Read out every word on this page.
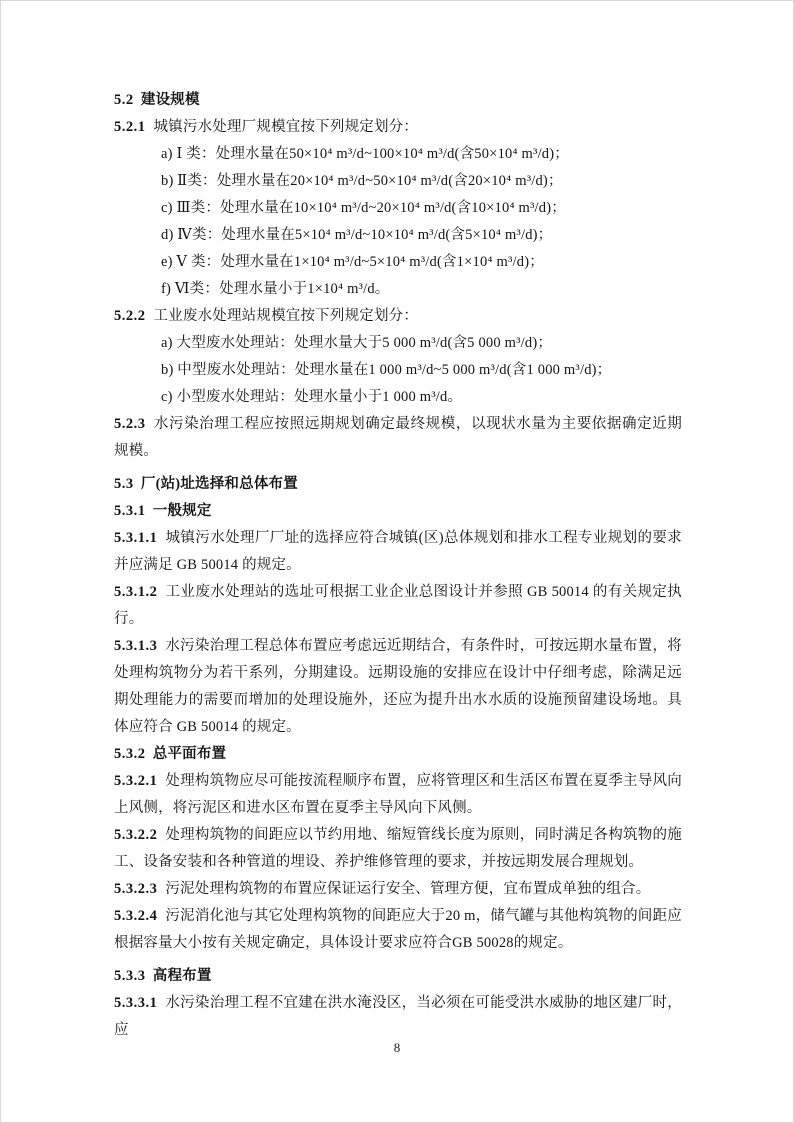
5.2 建设规模

5.2.1 城镇污水处理厂规模宜按下列规定划分：

a) Ⅰ 类：处理水量在50×10⁴ m³/d~100×10⁴ m³/d(含50×10⁴ m³/d)；

b) Ⅱ类：处理水量在20×10⁴ m³/d~50×10⁴ m³/d(含20×10⁴ m³/d)；

c) Ⅲ类：处理水量在10×10⁴ m³/d~20×10⁴ m³/d(含10×10⁴ m³/d)；

d) Ⅳ类：处理水量在5×10⁴ m³/d~10×10⁴ m³/d(含5×10⁴ m³/d)；

e) Ⅴ 类：处理水量在1×10⁴ m³/d~5×10⁴ m³/d(含1×10⁴ m³/d)；

f) Ⅵ类：处理水量小于1×10⁴ m³/d。

5.2.2 工业废水处理站规模宜按下列规定划分：

a) 大型废水处理站：处理水量大于5 000 m³/d(含5 000 m³/d)；

b) 中型废水处理站：处理水量在1 000 m³/d~5 000 m³/d(含1 000 m³/d)；

c) 小型废水处理站：处理水量小于1 000 m³/d。

5.2.3 水污染治理工程应按照远期规划确定最终规模，以现状水量为主要依据确定近期规模。

5.3 厂(站)址选择和总体布置

5.3.1 一般规定

5.3.1.1 城镇污水处理厂厂址的选择应符合城镇(区)总体规划和排水工程专业规划的要求并应满足 GB 50014 的规定。

5.3.1.2 工业废水处理站的选址可根据工业企业总图设计并参照 GB 50014 的有关规定执行。

5.3.1.3 水污染治理工程总体布置应考虑远近期结合，有条件时，可按远期水量布置，将处理构筑物分为若干系列，分期建设。远期设施的安排应在设计中仔细考虑，除满足远期处理能力的需要而增加的处理设施外，还应为提升出水水质的设施预留建设场地。具体应符合 GB 50014 的规定。

5.3.2 总平面布置

5.3.2.1 处理构筑物应尽可能按流程顺序布置，应将管理区和生活区布置在夏季主导风向上风侧，将污泥区和进水区布置在夏季主导风向下风侧。

5.3.2.2 处理构筑物的间距应以节约用地、缩短管线长度为原则，同时满足各构筑物的施工、设备安装和各种管道的埋设、养护维修管理的要求，并按远期发展合理规划。

5.3.2.3 污泥处理构筑物的布置应保证运行安全、管理方便，宜布置成单独的组合。

5.3.2.4 污泥消化池与其它处理构筑物的间距应大于20 m，储气罐与其他构筑物的间距应根据容量大小按有关规定确定，具体设计要求应符合GB 50028的规定。

5.3.3 高程布置

5.3.3.1 水污染治理工程不宜建在洪水淹没区，当必须在可能受洪水威胁的地区建厂时，应

8
